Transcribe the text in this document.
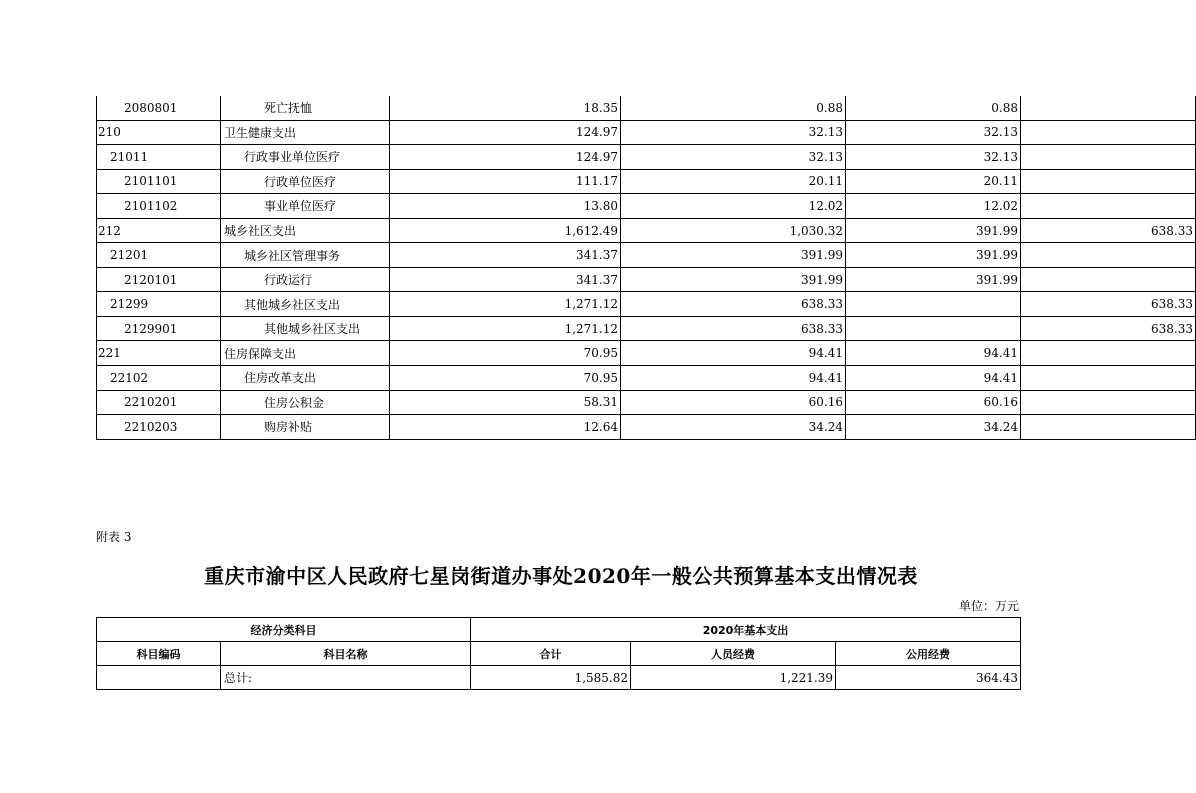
2080801	死亡抚恤	18.35	0.88	0.88	
210	卫生健康支出	124.97	32.13	32.13	
21011	行政事业单位医疗	124.97	32.13	32.13	
2101101	行政单位医疗	111.17	20.11	20.11	
2101102	事业单位医疗	13.80	12.02	12.02	
212	城乡社区支出	1,612.49	1,030.32	391.99	638.33
21201	城乡社区管理事务	341.37	391.99	391.99	
2120101	行政运行	341.37	391.99	391.99	
21299	其他城乡社区支出	1,271.12	638.33		638.33
2129901	其他城乡社区支出	1,271.12	638.33		638.33
221	住房保障支出	70.95	94.41	94.41	
22102	住房改革支出	70.95	94.41	94.41	
2210201	住房公积金	58.31	60.16	60.16	
2210203	购房补贴	12.64	34.24	34.24	
附表 3
重庆市渝中区人民政府七星岗街道办事处2020年一般公共预算基本支出情况表
单位：万元
经济分类科目		2020年基本支出		
科目编码	科目名称	合计	人员经费	公用经费
	总计:	1,585.82	1,221.39	364.43
